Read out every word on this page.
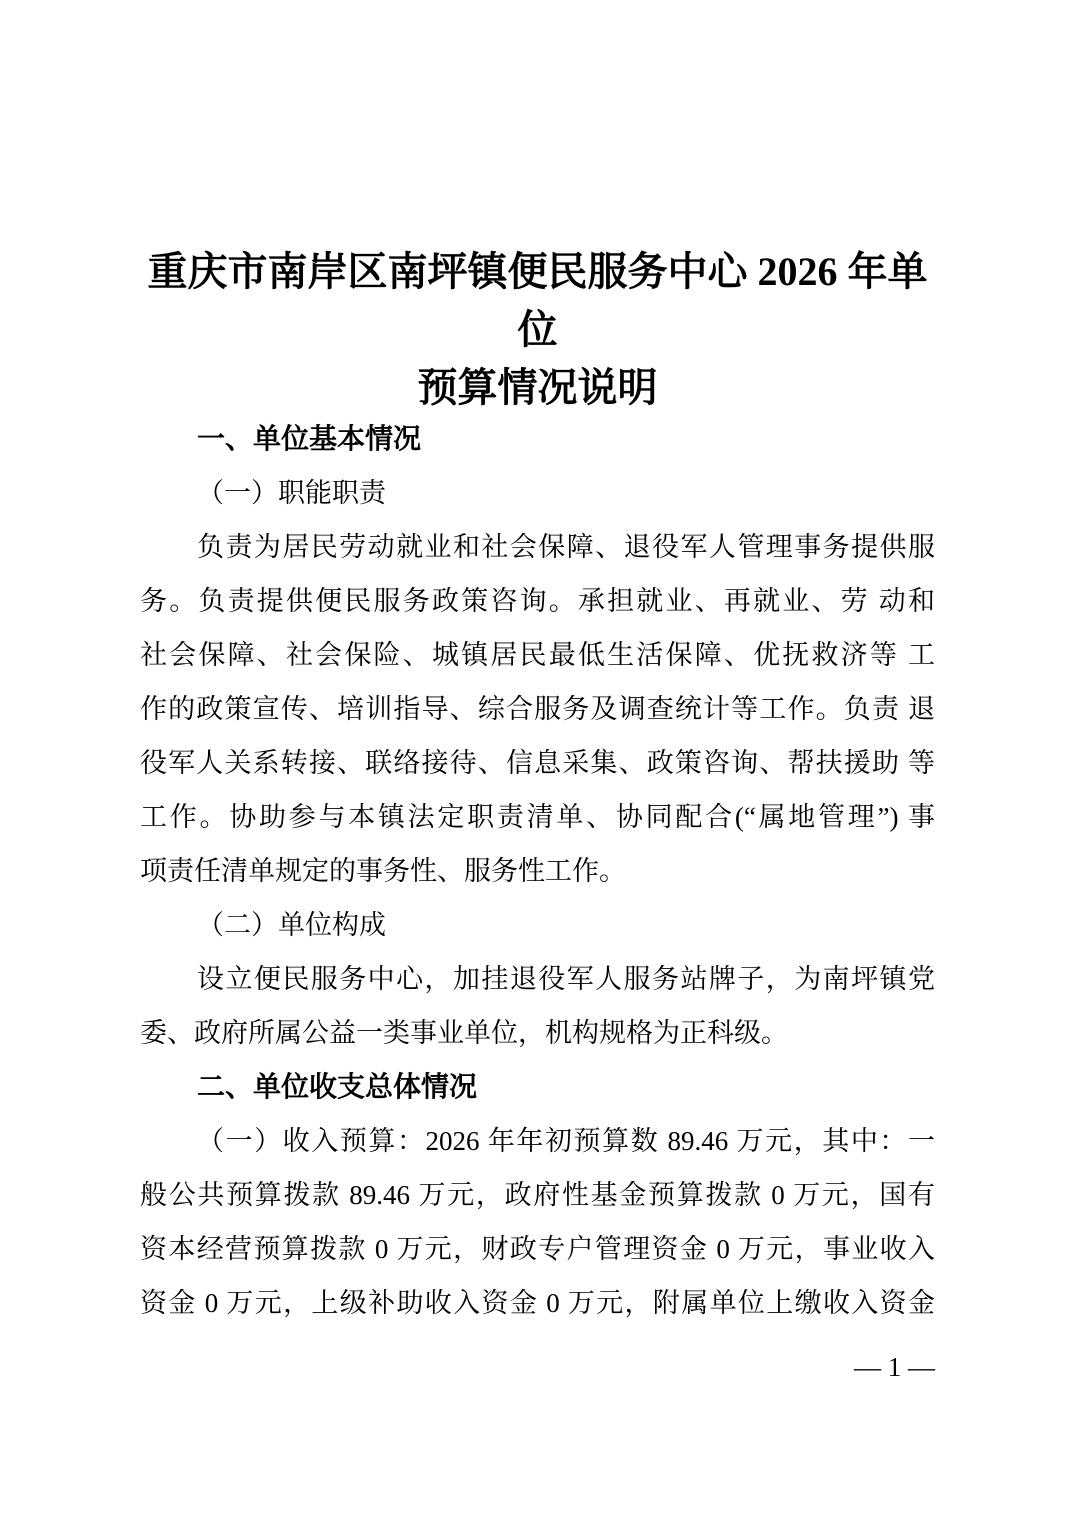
重庆市南岸区南坪镇便民服务中心 2026 年单位
预算情况说明
一、单位基本情况
（一）职能职责
负责为居民劳动就业和社会保障、退役军人管理事务提供服
务。负责提供便民服务政策咨询。承担就业、再就业、劳 动和
社会保障、社会保险、城镇居民最低生活保障、优抚救济等 工
作的政策宣传、培训指导、综合服务及调查统计等工作。负责 退
役军人关系转接、联络接待、信息采集、政策咨询、帮扶援助 等
工作。协助参与本镇法定职责清单、协同配合(“属地管理”) 事
项责任清单规定的事务性、服务性工作。
（二）单位构成
设立便民服务中心，加挂退役军人服务站牌子，为南坪镇党
委、政府所属公益一类事业单位，机构规格为正科级。
二、单位收支总体情况
（一）收入预算：2026 年年初预算数 89.46 万元，其中：一
般公共预算拨款 89.46 万元，政府性基金预算拨款 0 万元，国有
资本经营预算拨款 0 万元，财政专户管理资金 0 万元，事业收入
资金 0 万元，上级补助收入资金 0 万元，附属单位上缴收入资金
— 1 —
